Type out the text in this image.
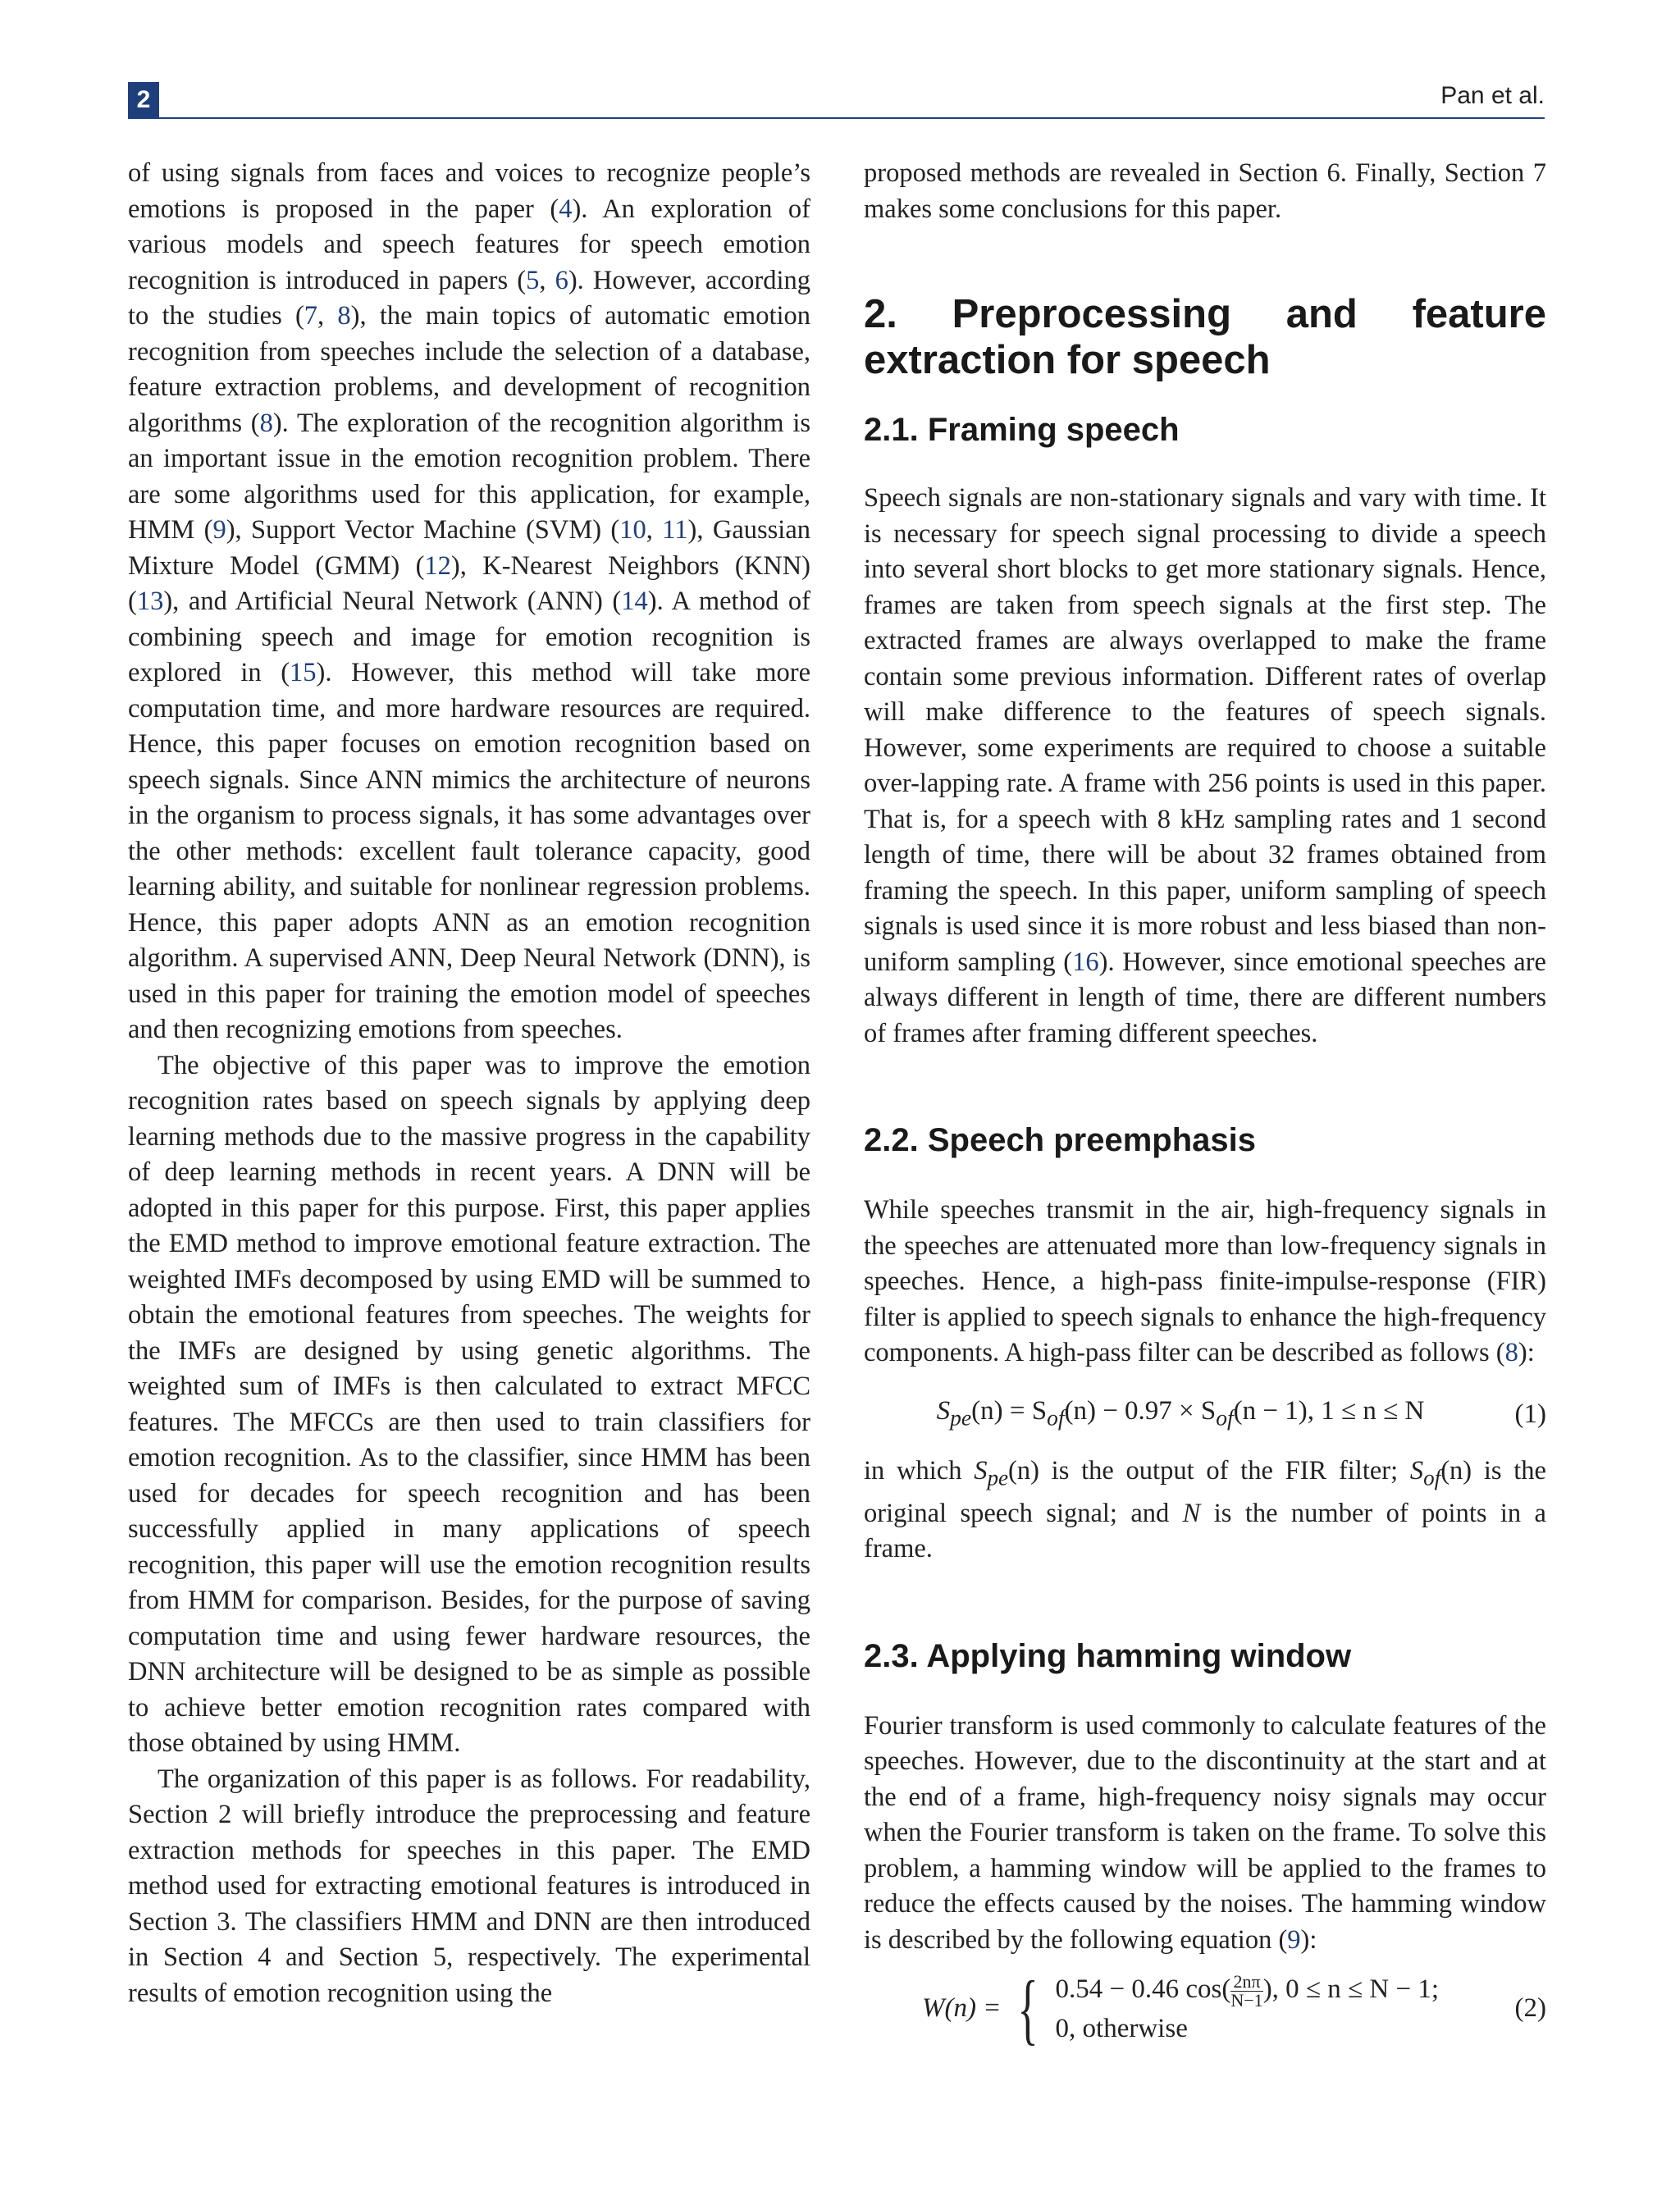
2	Pan et al.

of using signals from faces and voices to recognize people’s emotions is proposed in the paper (4). An exploration of various models and speech features for speech emotion recognition is introduced in papers (5, 6). However, according to the studies (7, 8), the main topics of automatic emotion recognition from speeches include the selection of a database, feature extraction problems, and development of recognition algorithms (8). The exploration of the recognition algorithm is an important issue in the emotion recognition problem. There are some algorithms used for this application, for example, HMM (9), Support Vector Machine (SVM) (10, 11), Gaussian Mixture Model (GMM) (12), K-Nearest Neighbors (KNN) (13), and Artificial Neural Network (ANN) (14). A method of combining speech and image for emotion recognition is explored in (15). However, this method will take more computation time, and more hardware resources are required. Hence, this paper focuses on emotion recognition based on speech signals. Since ANN mimics the architecture of neurons in the organism to process signals, it has some advantages over the other methods: excellent fault tolerance capacity, good learning ability, and suitable for nonlinear regression problems. Hence, this paper adopts ANN as an emotion recognition algorithm. A supervised ANN, Deep Neural Network (DNN), is used in this paper for training the emotion model of speeches and then recognizing emotions from speeches.

The objective of this paper was to improve the emotion recognition rates based on speech signals by applying deep learning methods due to the massive progress in the capability of deep learning methods in recent years. A DNN will be adopted in this paper for this purpose. First, this paper applies the EMD method to improve emotional feature extraction. The weighted IMFs decomposed by using EMD will be summed to obtain the emotional features from speeches. The weights for the IMFs are designed by using genetic algorithms. The weighted sum of IMFs is then calculated to extract MFCC features. The MFCCs are then used to train classifiers for emotion recognition. As to the classifier, since HMM has been used for decades for speech recognition and has been successfully applied in many applications of speech recognition, this paper will use the emotion recognition results from HMM for comparison. Besides, for the purpose of saving computation time and using fewer hardware resources, the DNN architecture will be designed to be as simple as possible to achieve better emotion recognition rates compared with those obtained by using HMM.

The organization of this paper is as follows. For readability, Section 2 will briefly introduce the preprocessing and feature extraction methods for speeches in this paper. The EMD method used for extracting emotional features is introduced in Section 3. The classifiers HMM and DNN are then introduced in Section 4 and Section 5, respectively. The experimental results of emotion recognition using the

proposed methods are revealed in Section 6. Finally, Section 7 makes some conclusions for this paper.

2. Preprocessing and feature extraction for speech
2.1. Framing speech

Speech signals are non-stationary signals and vary with time. It is necessary for speech signal processing to divide a speech into several short blocks to get more stationary signals. Hence, frames are taken from speech signals at the first step. The extracted frames are always overlapped to make the frame contain some previous information. Different rates of overlap will make difference to the features of speech signals. However, some experiments are required to choose a suitable over-lapping rate. A frame with 256 points is used in this paper. That is, for a speech with 8 kHz sampling rates and 1 second length of time, there will be about 32 frames obtained from framing the speech. In this paper, uniform sampling of speech signals is used since it is more robust and less biased than non-uniform sampling (16). However, since emotional speeches are always different in length of time, there are different numbers of frames after framing different speeches.

2.2. Speech preemphasis

While speeches transmit in the air, high-frequency signals in the speeches are attenuated more than low-frequency signals in speeches. Hence, a high-pass finite-impulse-response (FIR) filter is applied to speech signals to enhance the high-frequency components. A high-pass filter can be described as follows (8):

$S_{pe}(n) = S_{of}(n) - 0.97 \times S_{of}(n - 1)$, 1 ≤ n ≤ N	(1)

in which $S_{pe}(n)$ is the output of the FIR filter; $S_{of}(n)$ is the original speech signal; and N is the number of points in a frame.

2.3. Applying hamming window

Fourier transform is used commonly to calculate features of the speeches. However, due to the discontinuity at the start and at the end of a frame, high-frequency noisy signals may occur when the Fourier transform is taken on the frame. To solve this problem, a hamming window will be applied to the frames to reduce the effects caused by the noises. The hamming window is described by the following equation (9):

W(n) = { 0.54 − 0.46 $\cos( \frac{2n\pi}{N-1}$ ), 0 ≤ n ≤ N − 1;
0, otherwise
(2)
